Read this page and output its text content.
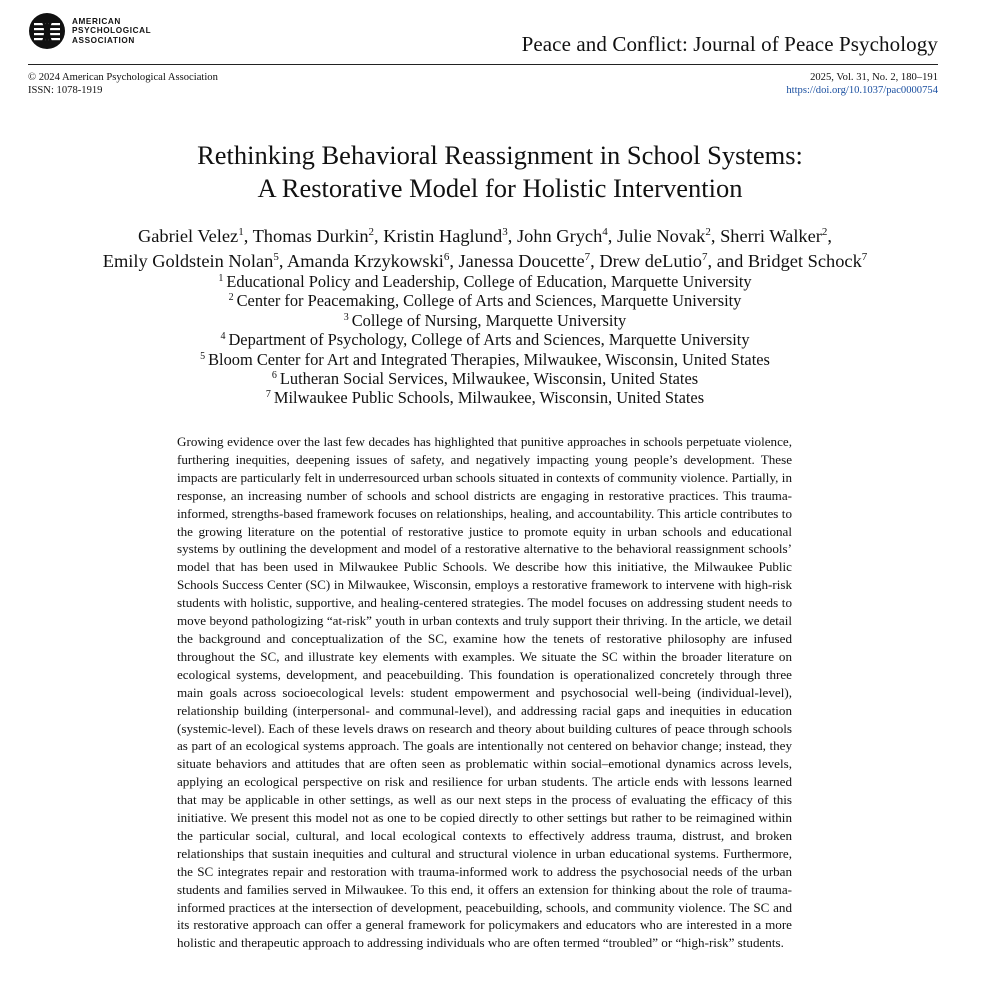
AMERICAN
PSYCHOLOGICAL
ASSOCIATION	Peace and Conflict: Journal of Peace Psychology
© 2024 American Psychological Association
ISSN: 1078-1919
2025, Vol. 31, No. 2, 180–191
https://doi.org/10.1037/pac0000754
Rethinking Behavioral Reassignment in School Systems:
A Restorative Model for Holistic Intervention
Gabriel Velez$^1$, Thomas Durkin$^2$, Kristin Haglund$^3$, John Grych$^4$, Julie Novak$^2$, Sherri Walker$^2$,
Emily Goldstein Nolan$^5$, Amanda Krzykowski$^6$, Janessa Doucette$^7$, Drew deLutio$^7$, and Bridget Schock$^7$
$^1$ Educational Policy and Leadership, College of Education, Marquette University
$^2$ Center for Peacemaking, College of Arts and Sciences, Marquette University
$^3$ College of Nursing, Marquette University
$^4$ Department of Psychology, College of Arts and Sciences, Marquette University
$^5$ Bloom Center for Art and Integrated Therapies, Milwaukee, Wisconsin, United States
$^6$ Lutheran Social Services, Milwaukee, Wisconsin, United States
$^7$ Milwaukee Public Schools, Milwaukee, Wisconsin, United States
Growing evidence over the last few decades has highlighted that punitive approaches in schools perpetuate violence, furthering inequities, deepening issues of safety, and negatively impacting young people’s development. These impacts are particularly felt in underresourced urban schools situated in contexts of community violence. Partially, in response, an increasing number of schools and school districts are engaging in restorative practices. This trauma-informed, strengths-based framework focuses on relationships, healing, and accountability. This article contributes to the growing literature on the potential of restorative justice to promote equity in urban schools and educational systems by outlining the development and model of a restorative alternative to the behavioral reassignment schools’ model that has been used in Milwaukee Public Schools. We describe how this initiative, the Milwaukee Public Schools Success Center (SC) in Milwaukee, Wisconsin, employs a restorative framework to intervene with high-risk students with holistic, supportive, and healing-centered strategies. The model focuses on addressing student needs to move beyond pathologizing “at-risk” youth in urban contexts and truly support their thriving. In the article, we detail the background and conceptualization of the SC, examine how the tenets of restorative philosophy are infused throughout the SC, and illustrate key elements with examples. We situate the SC within the broader literature on ecological systems, development, and peacebuilding. This foundation is operationalized concretely through three main goals across socioecological levels: student empowerment and psychosocial well-being (individual-level), relationship building (interpersonal- and communal-level), and addressing racial gaps and inequities in education (systemic-level). Each of these levels draws on research and theory about building cultures of peace through schools as part of an ecological systems approach. The goals are intentionally not centered on behavior change; instead, they situate behaviors and attitudes that are often seen as problematic within social–emotional dynamics across levels, applying an ecological perspective on risk and resilience for urban students. The article ends with lessons learned that may be applicable in other settings, as well as our next steps in the process of evaluating the efficacy of this initiative. We present this model not as one to be copied directly to other settings but rather to be reimagined within the particular social, cultural, and local ecological contexts to effectively address trauma, distrust, and broken relationships that sustain inequities and cultural and structural violence in urban educational systems. Furthermore, the SC integrates repair and restoration with trauma-informed work to address the psychosocial needs of the urban students and families served in Milwaukee. To this end, it offers an extension for thinking about the role of trauma-informed practices at the intersection of development, peacebuilding, schools, and community violence. The SC and its restorative approach can offer a general framework for policymakers and educators who are interested in a more holistic and therapeutic approach to addressing individuals who are often termed “troubled” or “high-risk” students.
